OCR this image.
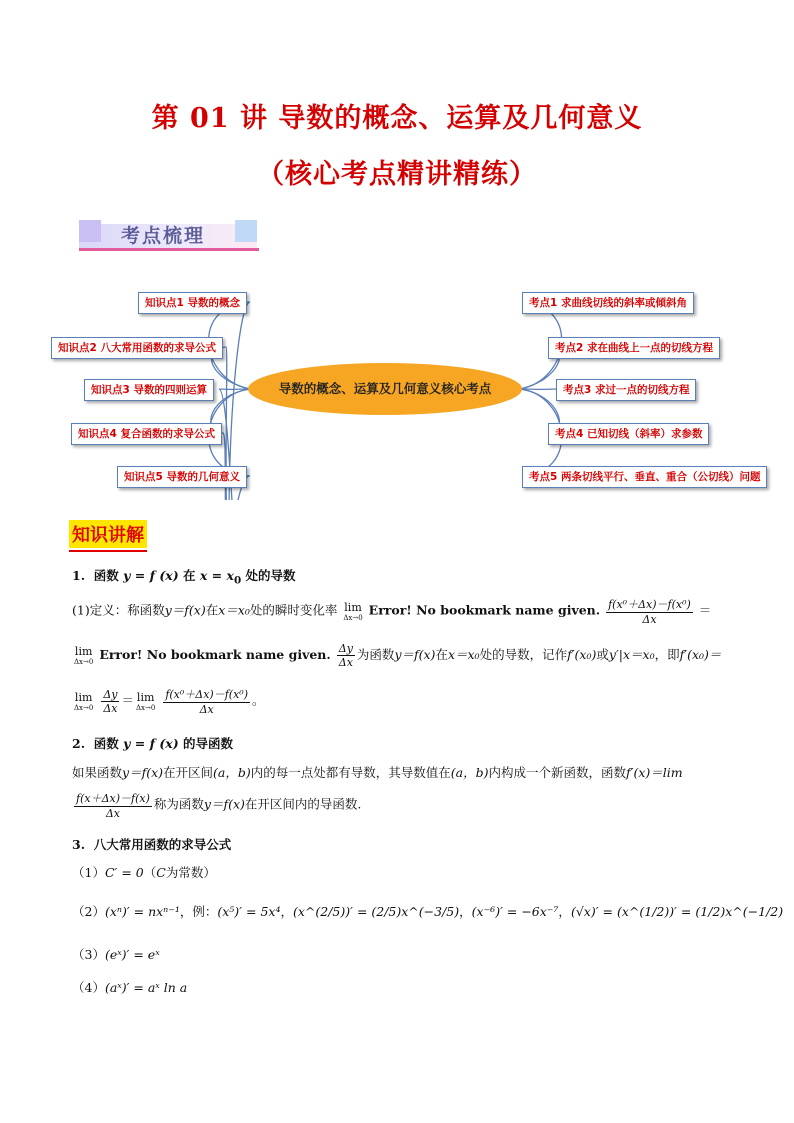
第 01 讲 导数的概念、运算及几何意义
（核心考点精讲精练）
考点梳理
导数的概念、运算及几何意义核心考点
知识点1 导数的概念
知识点2 八大常用函数的求导公式
知识点3 导数的四则运算
知识点4 复合函数的求导公式
知识点5 导数的几何意义
考点1 求曲线切线的斜率或倾斜角
考点2 求在曲线上一点的切线方程
考点3 求过一点的切线方程
考点4 已知切线（斜率）求参数
考点5 两条切线平行、垂直、重合（公切线）问题
知识讲解
1. 函数 y = f (x) 在 $x = x_0$ 处的导数
(1)定义：称函数y＝f(x)在x＝x₀处的瞬时变化率 lim
Δx→0 Error! No bookmark name given. $\frac{\text{f(x⁰＋Δx)－f(x⁰)}}{\Delta x}$ ＝
lim
Δx→0 Error! No bookmark name given. $\frac{\Delta y}{\Delta x}$ 为函数y＝f(x)在x＝x₀处的导数，记作f′(x₀)或y′|x＝x₀，即f′(x₀)＝
lim
Δx→0
$\frac{\Delta y}{\Delta x} = \lim$
Δx→0
$\frac{\text{f(x⁰＋Δx)－f(x⁰)}}{\Delta x}$ 。
2. 函数 y = f (x) 的导函数
如果函数y＝f(x)在开区间(a，b)内的每一点处都有导数，其导数值在(a，b)内构成一个新函数，函数f′(x)＝lim
$\frac{f(x+\Delta x)-f(x)}{\Delta x}$ 称为函数y＝f(x)在开区间内的导函数.
3. 八大常用函数的求导公式
（1）C′ = 0（C为常数）
（2）(xⁿ)′ = nxⁿ⁻¹，例：(x⁵)′ = 5x⁴，(x^(2/5))′ = (2/5)x^(−3/5)，(x⁻⁶)′ = −6x⁻⁷，(√x)′ = (x^(1/2))′ = (1/2)x^(−1/2)
（3）(eˣ)′ = eˣ
（4）(aˣ)′ = aˣ ln a
